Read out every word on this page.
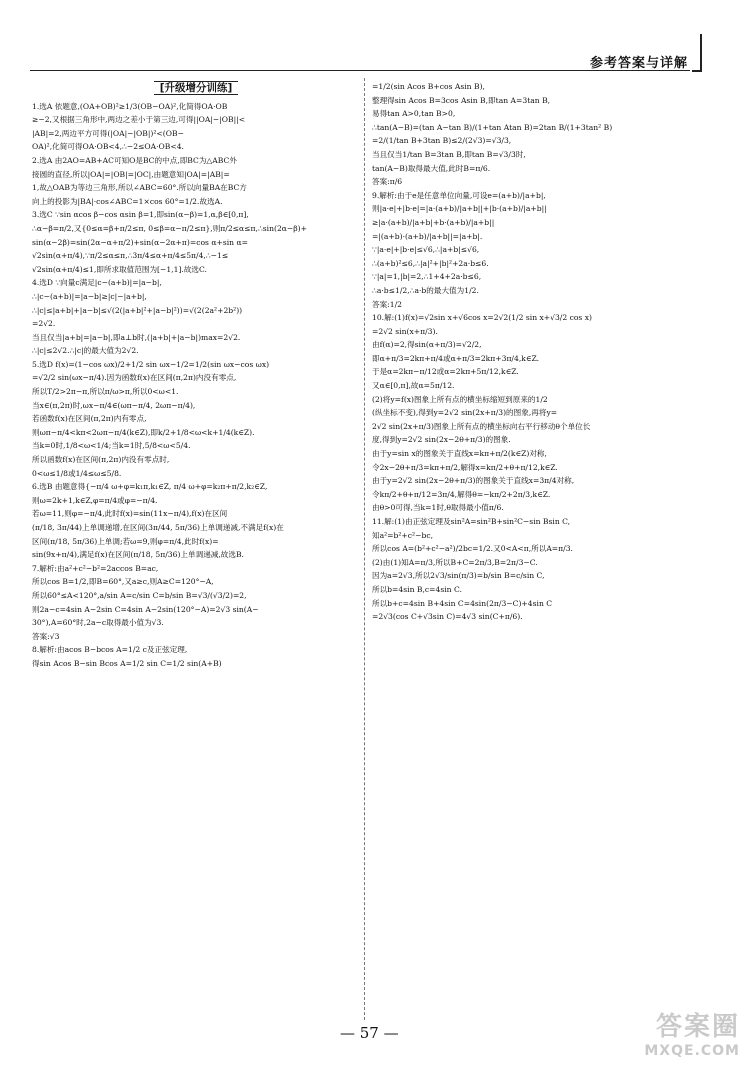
参考答案与详解
[升级增分训练]
1.选A 依题意,(OA+OB)²≥1/3(OB−OA)²,化简得OA·OB
≥−2,又根据三角形中,两边之差小于第三边,可得||OA|−|OB||<
|AB|=2,两边平方可得(|OA|−|OB|)²<(OB−
OA)²,化简可得OA·OB<4,∴−2≤OA·OB<4.
2.选A 由2AO=AB+AC可知O是BC的中点,即BC为△ABC外
接圆的直径,所以|OA|=|OB|=|OC|,由题意知|OA|=|AB|=
1,故△OAB为等边三角形,所以∠ABC=60°.所以向量BA在BC方
向上的投影为|BA|·cos∠ABC=1×cos 60°=1/2.故选A.
3.选C ∵sin αcos β−cos αsin β=1,即sin(α−β)=1,α,β∈[0,π],
∴α−β=π/2,又{0≤α=β+π/2≤π, 0≤β=α−π/2≤π},则π/2≤α≤π,∴sin(2α−β)+
sin(α−2β)=sin(2α−α+π/2)+sin(α−2α+π)=cos α+sin α=
√2sin(α+π/4),∵π/2≤α≤π,∴3π/4≤α+π/4≤5π/4,∴−1≤
√2sin(α+π/4)≤1,即所求取值范围为[−1,1].故选C.
4.选D ∵向量c满足|c−(a+b)|=|a−b|,
∴|c−(a+b)|=|a−b|≥|c|−|a+b|,
∴|c|≤|a+b|+|a−b|≤√(2(|a+b|²+|a−b|²))=√(2(2a²+2b²))
=2√2.
当且仅当|a+b|=|a−b|,即a⊥b时,(|a+b|+|a−b|)max=2√2.
∴|c|≤2√2.∴|c|的最大值为2√2.
5.选D f(x)=(1−cos ωx)/2+1/2 sin ωx−1/2=1/2(sin ωx−cos ωx)
=√2/2 sin(ωx−π/4).因为函数f(x)在区间(π,2π)内没有零点,
所以T/2>2π−π,所以π/ω>π,所以0<ω<1.
当x∈(π,2π)时,ωx−π/4∈(ωπ−π/4, 2ωπ−π/4),
若函数f(x)在区间(π,2π)内有零点,
则ωπ−π/4<kπ<2ωπ−π/4(k∈Z),即k/2+1/8<ω<k+1/4(k∈Z).
当k=0时,1/8<ω<1/4;当k=1时,5/8<ω<5/4.
所以函数f(x)在区间(π,2π)内没有零点时,
0<ω≤1/8或1/4≤ω≤5/8.
6.选B 由题意得{−π/4 ω+φ=k₁π,k₁∈Z, π/4 ω+φ=k₂π+π/2,k₂∈Z,
则ω=2k+1,k∈Z,φ=π/4或φ=−π/4.
若ω=11,则φ=−π/4,此时f(x)=sin(11x−π/4),f(x)在区间
(π/18, 3π/44)上单调递增,在区间(3π/44, 5π/36)上单调递减,不满足f(x)在
区间(π/18, 5π/36)上单调;若ω=9,则φ=π/4,此时f(x)=
sin(9x+π/4),满足f(x)在区间(π/18, 5π/36)上单调递减,故选B.
7.解析:由a²+c²−b²=2accos B=ac,
所以cos B=1/2,即B=60°,又a≥c,则A≥C=120°−A,
所以60°≤A<120°,a/sin A=c/sin C=b/sin B=√3/(√3/2)=2,
则2a−c=4sin A−2sin C=4sin A−2sin(120°−A)=2√3 sin(A−
30°),A=60°时,2a−c取得最小值为√3.
答案:√3
8.解析:由acos B−bcos A=1/2 c及正弦定理,
得sin Acos B−sin Bcos A=1/2 sin C=1/2 sin(A+B)
=1/2(sin Acos B+cos Asin B),
整理得sin Acos B=3cos Asin B,即tan A=3tan B,
易得tan A>0,tan B>0,
∴tan(A−B)=(tan A−tan B)/(1+tan Atan B)=2tan B/(1+3tan² B)
=2/(1/tan B+3tan B)≤2/(2√3)=√3/3,
当且仅当1/tan B=3tan B,即tan B=√3/3时,
tan(A−B)取得最大值,此时B=π/6.
答案:π/6
9.解析:由于e是任意单位向量,可设e=(a+b)/|a+b|,
则|a·e|+|b·e|=|a·(a+b)/|a+b||+|b·(a+b)/|a+b||
≥|a·(a+b)/|a+b|+b·(a+b)/|a+b||
=|(a+b)·(a+b)/|a+b||=|a+b|.
∵|a·e|+|b·e|≤√6,∴|a+b|≤√6,
∴(a+b)²≤6,∴|a|²+|b|²+2a·b≤6.
∵|a|=1,|b|=2,∴1+4+2a·b≤6,
∴a·b≤1/2,∴a·b的最大值为1/2.
答案:1/2
10.解:(1)f(x)=√2sin x+√6cos x=2√2(1/2 sin x+√3/2 cos x)
=2√2 sin(x+π/3).
由f(α)=2,得sin(α+π/3)=√2/2,
即α+π/3=2kπ+π/4或α+π/3=2kπ+3π/4,k∈Z.
于是α=2kπ−π/12或α=2kπ+5π/12,k∈Z.
又α∈[0,π],故α=5π/12.
(2)将y=f(x)图象上所有点的横坐标缩短到原来的1/2
(纵坐标不变),得到y=2√2 sin(2x+π/3)的图象,再将y=
2√2 sin(2x+π/3)图象上所有点的横坐标向右平行移动θ个单位长
度,得到y=2√2 sin(2x−2θ+π/3)的图象.
由于y=sin x的图象关于直线x=kπ+π/2(k∈Z)对称,
令2x−2θ+π/3=kπ+π/2,解得x=kπ/2+θ+π/12,k∈Z.
由于y=2√2 sin(2x−2θ+π/3)的图象关于直线x=3π/4对称,
令kπ/2+θ+π/12=3π/4,解得θ=−kπ/2+2π/3,k∈Z.
由θ>0可得,当k=1时,θ取得最小值π/6.
11.解:(1)由正弦定理及sin²A=sin²B+sin²C−sin Bsin C,
知a²=b²+c²−bc,
所以cos A=(b²+c²−a²)/2bc=1/2.又0<A<π,所以A=π/3.
(2)由(1)知A=π/3,所以B+C=2π/3,B=2π/3−C.
因为a=2√3,所以2√3/sin(π/3)=b/sin B=c/sin C,
所以b=4sin B,c=4sin C.
所以b+c=4sin B+4sin C=4sin(2π/3−C)+4sin C
=2√3(cos C+√3sin C)=4√3 sin(C+π/6).
— 57 —	答案圈
MXQE.COM
